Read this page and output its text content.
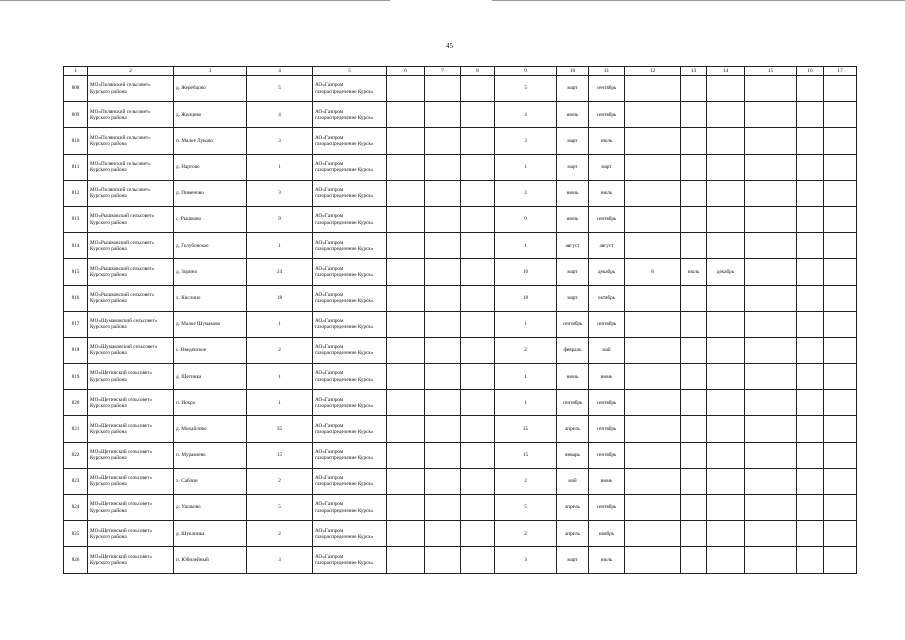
45
1	2	3	4	5	6	7	8	9	10	11	12	13	14	15	16	17
808	МО«Полянский сельсовет» Курского района	д. Жеребцово	5	АО«Газпром газораспределение Курск»				5	март	сентябрь						
809	МО«Полянский сельсовет» Курского района	д. Жилцево	4	АО«Газпром газораспределение Курск»				4	июнь	сентябрь						
810	МО«Полянский сельсовет» Курского района	п. Малое Луково	3	АО«Газпром газораспределение Курск»				3	март	июль						
811	МО«Полянский сельсовет» Курского района	д. Нартово	1	АО«Газпром газораспределение Курск»				1	март	март						
812	МО«Полянский сельсовет» Курского района	д. Пименово	3	АО«Газпром газораспределение Курск»				3	июнь	июль						
813	МО«Рышковский сельсовет» Курского района	с. Рышково	9	АО«Газпром газораспределение Курск»				9	июнь	сентябрь						
814	МО«Рышковский сельсовет» Курского района	д. Голубовское	1	АО«Газпром газораспределение Курск»				1	август	август						
815	МО«Рышковский сельсовет» Курского района	д. Зорино	24	АО«Газпром газораспределение Курск»				16	март	декабрь	8	июль	декабрь			
816	МО«Рышковский сельсовет» Курского района	х. Кислино	18	АО«Газпром газораспределение Курск»				18	март	октябрь						
817	МО«Шумаковский сельсовет» Курского района	д. Малое Шумаково	1	АО«Газпром газораспределение Курск»				1	сентябрь	сентябрь						
818	МО«Шумаковский сельсовет» Курского района	с. Введенское	2	АО«Газпром газораспределение Курск»				2	февраль	май						
819	МО«Щетинский сельсовет» Курского района	д. Щетинка	1	АО«Газпром газораспределение Курск»				1	июнь	июнь						
820	МО«Щетинский сельсовет» Курского района	п. Искра	1	АО«Газпром газораспределение Курск»				1	сентябрь	сентябрь						
821	МО«Щетинский сельсовет» Курского района	д. Михайлово	35	АО«Газпром газораспределение Курск»				35	апрель	сентябрь						
822	МО«Щетинский сельсовет» Курского района	п. Муравлево	15	АО«Газпром газораспределение Курск»				15	январь	сентябрь						
823	МО«Щетинский сельсовет» Курского района	х. Саблин	2	АО«Газпром газораспределение Курск»				2	май	июнь						
824	МО«Щетинский сельсовет» Курского района	д. Ушаково	5	АО«Газпром газораспределение Курск»				5	апрель	сентябрь						
825	МО«Щетинский сельсовет» Курского района	д. Шуклинка	2	АО«Газпром газораспределение Курск»				2	апрель	ноябрь						
826	МО«Щетинский сельсовет» Курского района	п. Юбилейный	3	АО«Газпром газораспределение Курск»				3	март	июль						
